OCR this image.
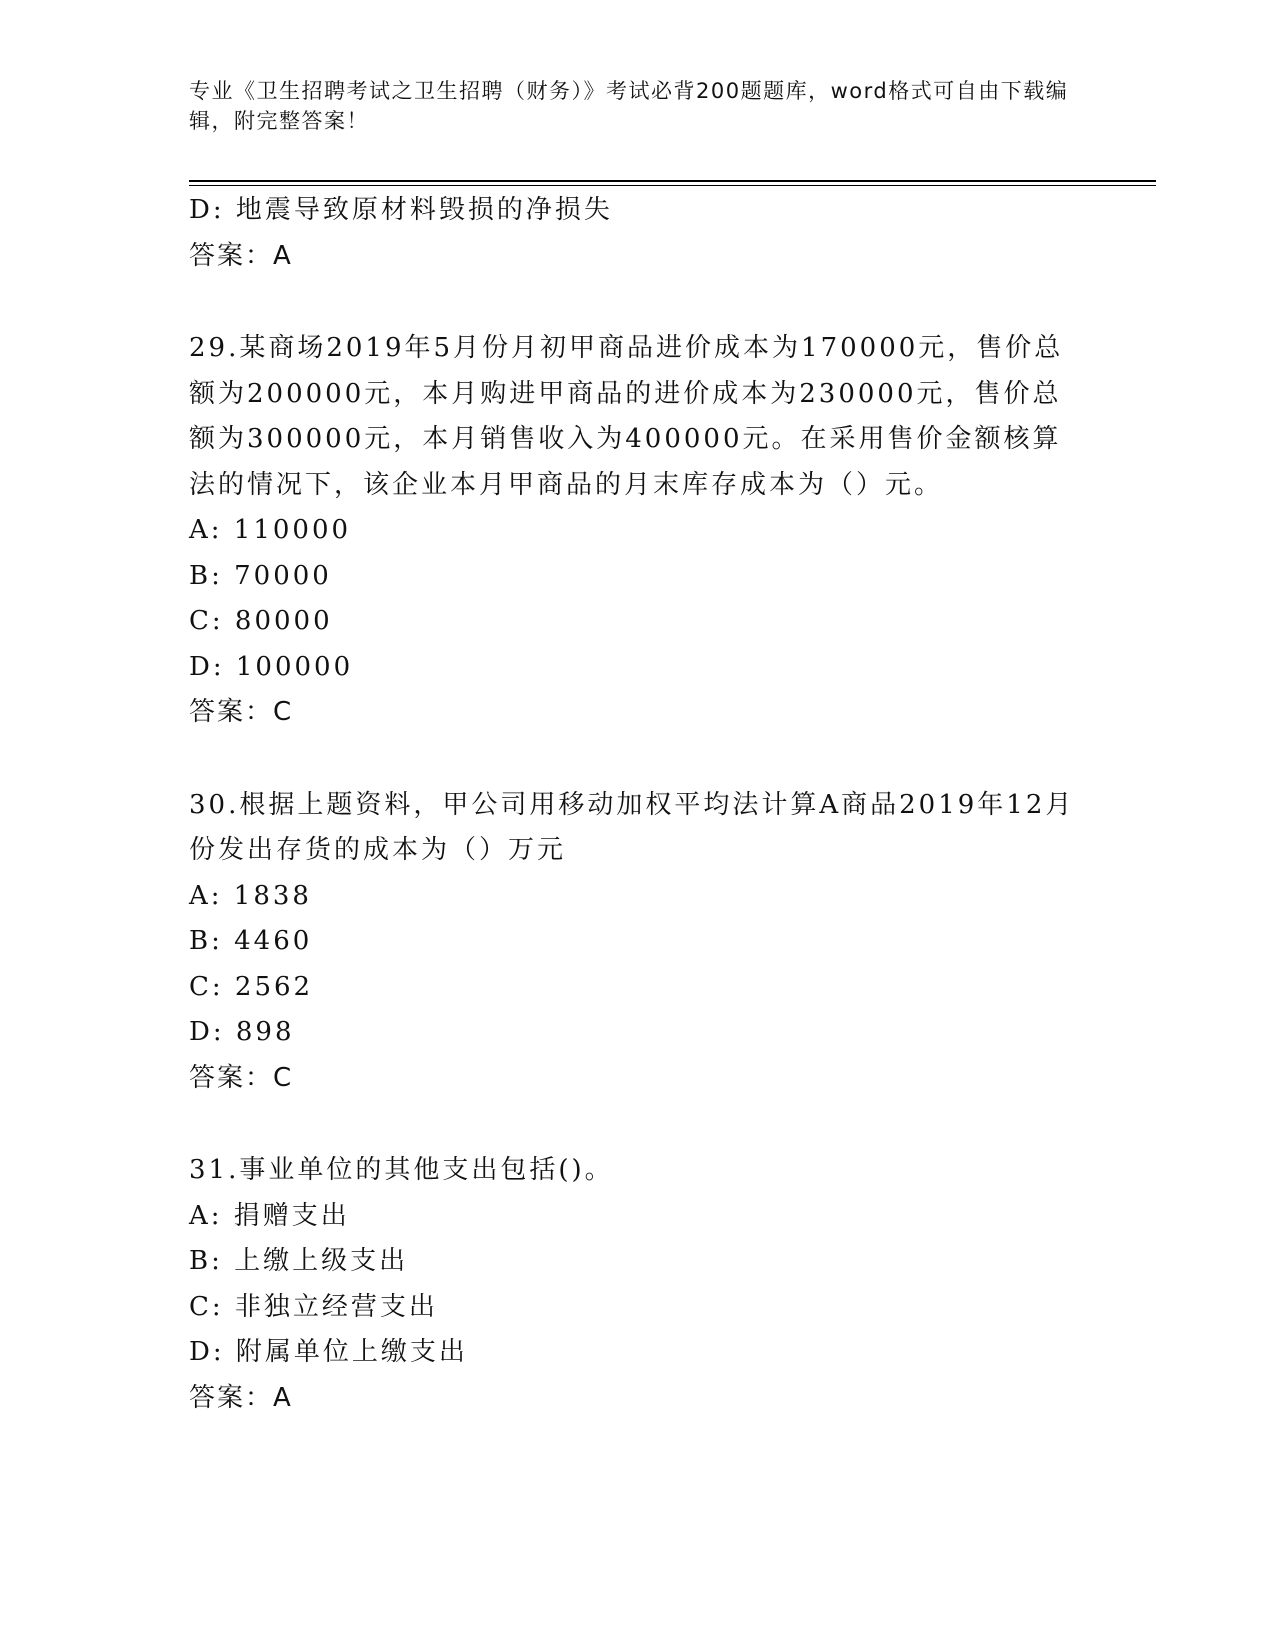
专业《卫生招聘考试之卫生招聘（财务）》考试必背200题题库，word格式可自由下载编辑，附完整答案！
D: 地震导致原材料毁损的净损失
答案：A
29.某商场2019年5月份月初甲商品进价成本为170000元，售价总额为200000元，本月购进甲商品的进价成本为230000元，售价总额为300000元，本月销售收入为400000元。在采用售价金额核算法的情况下，该企业本月甲商品的月末库存成本为（）元。
A: 110000
B: 70000
C: 80000
D: 100000
答案：C
30.根据上题资料，甲公司用移动加权平均法计算A商品2019年12月份发出存货的成本为（）万元
A: 1838
B: 4460
C: 2562
D: 898
答案：C
31.事业单位的其他支出包括()。
A: 捐赠支出
B: 上缴上级支出
C: 非独立经营支出
D: 附属单位上缴支出
答案：A
